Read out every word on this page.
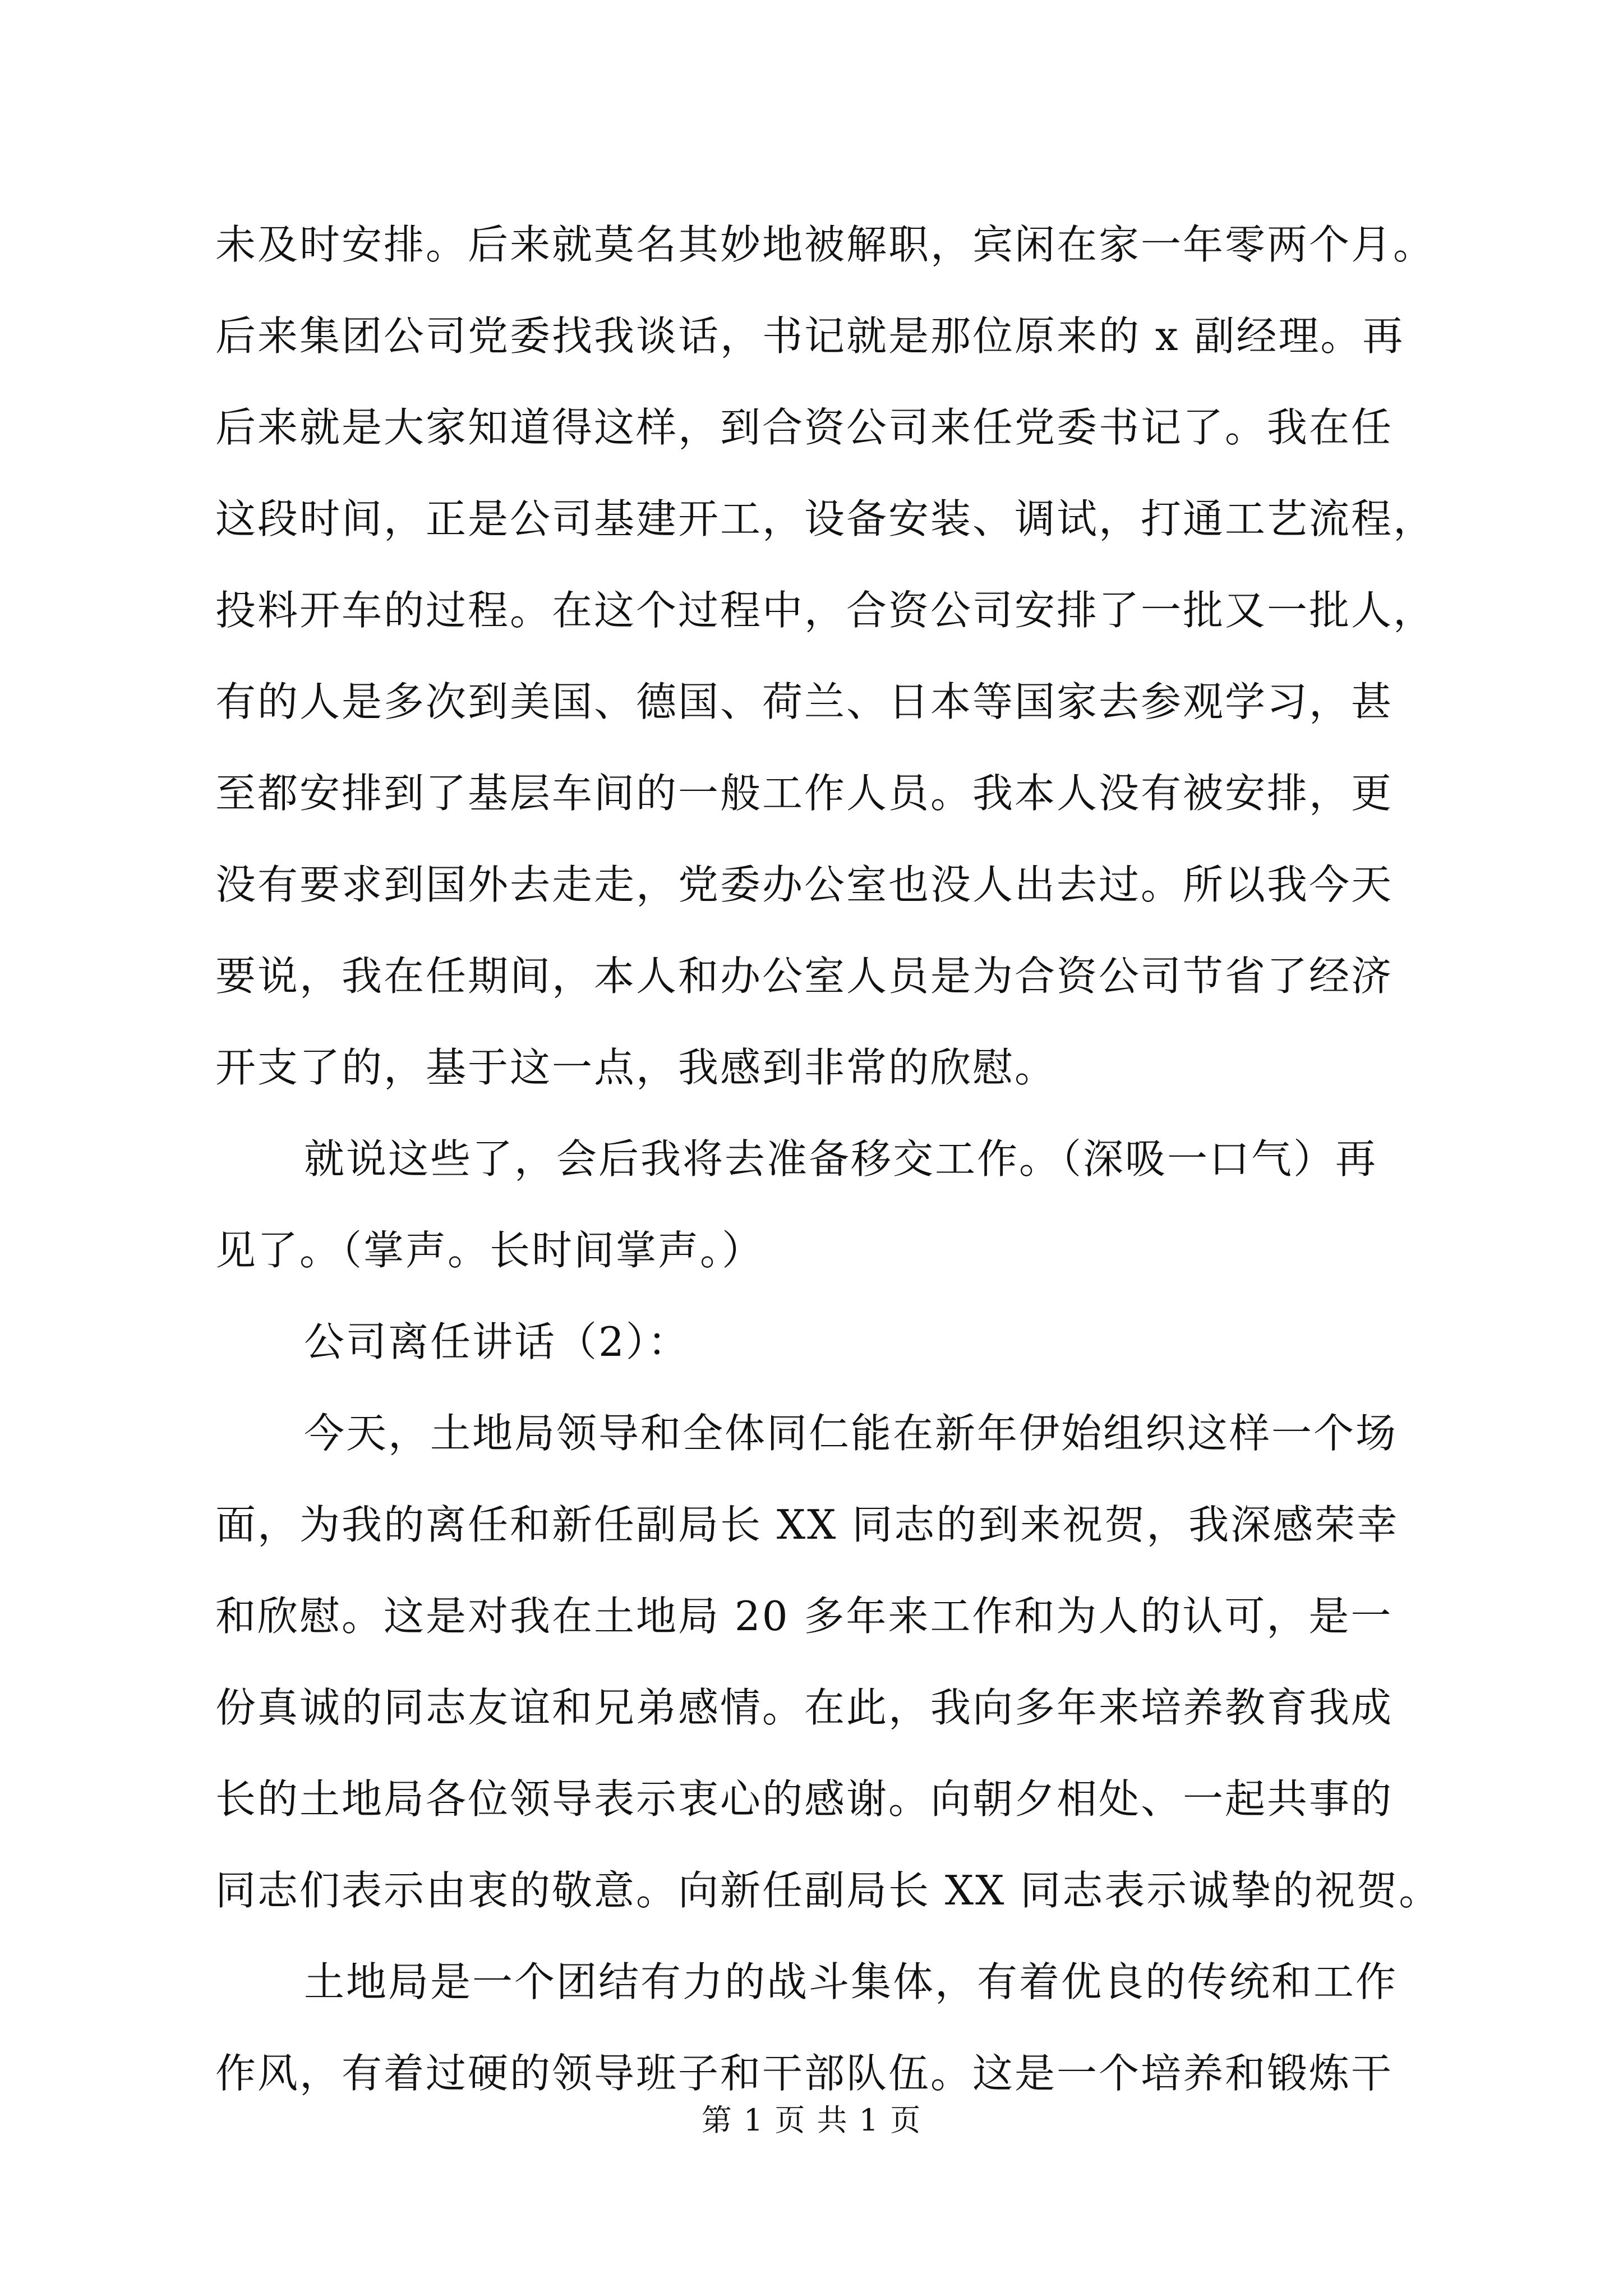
未及时安排。后来就莫名其妙地被解职，宾闲在家一年零两个月。
后来集团公司党委找我谈话，书记就是那位原来的 x 副经理。再
后来就是大家知道得这样，到合资公司来任党委书记了。我在任
这段时间，正是公司基建开工，设备安装、调试，打通工艺流程，
投料开车的过程。在这个过程中，合资公司安排了一批又一批人，
有的人是多次到美国、德国、荷兰、日本等国家去参观学习，甚
至都安排到了基层车间的一般工作人员。我本人没有被安排，更
没有要求到国外去走走，党委办公室也没人出去过。所以我今天
要说，我在任期间，本人和办公室人员是为合资公司节省了经济
开支了的，基于这一点，我感到非常的欣慰。
就说这些了，会后我将去准备移交工作。（深吸一口气）再
见了。（掌声。长时间掌声。）
公司离任讲话（2）：
今天，土地局领导和全体同仁能在新年伊始组织这样一个场
面，为我的离任和新任副局长 XX 同志的到来祝贺，我深感荣幸
和欣慰。这是对我在土地局 20 多年来工作和为人的认可，是一
份真诚的同志友谊和兄弟感情。在此，我向多年来培养教育我成
长的土地局各位领导表示衷心的感谢。向朝夕相处、一起共事的
同志们表示由衷的敬意。向新任副局长 XX 同志表示诚挚的祝贺。
土地局是一个团结有力的战斗集体，有着优良的传统和工作
作风，有着过硬的领导班子和干部队伍。这是一个培养和锻炼干
第 1 页 共 1 页
